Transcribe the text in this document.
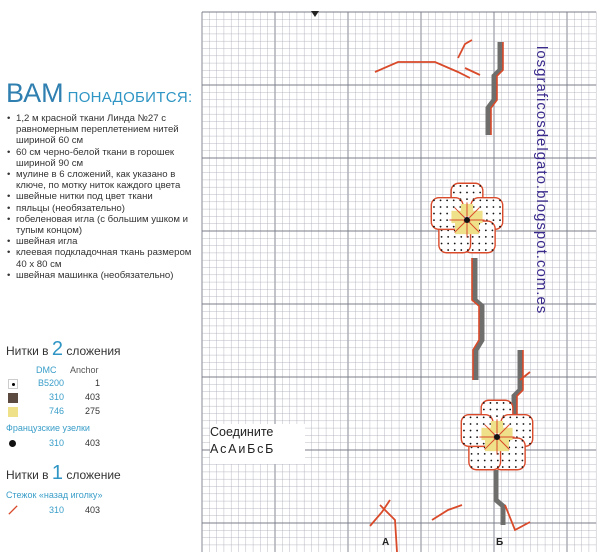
ВАМ ПОНАДОБИТСЯ:
• 1,2 м красной ткани Линда №27 с равномерным переплетением нитей шириной 60 см
• 60 см черно-белой ткани в горошек шириной 90 см
• мулине в 6 сложений, как указано в ключе, по мотку ниток каждого цвета
• швейные нитки под цвет ткани
• пяльцы (необязательно)
• гобеленовая игла (с большим ушком и тупым концом)
• швейная игла
• клеевая подкладочная ткань размером 40 x 80 см
• швейная машинка (необязательно)
Нитки в 2 сложения
DMC Anchor
B5200	1
310	403
746	275
Французские узелки
310	403
Нитки в 1 сложение
Стежок «назад иголку»
310	403
Соедините
АсАиБсБ
А	Б
losgraficosdelgato.blogspot.com.es
